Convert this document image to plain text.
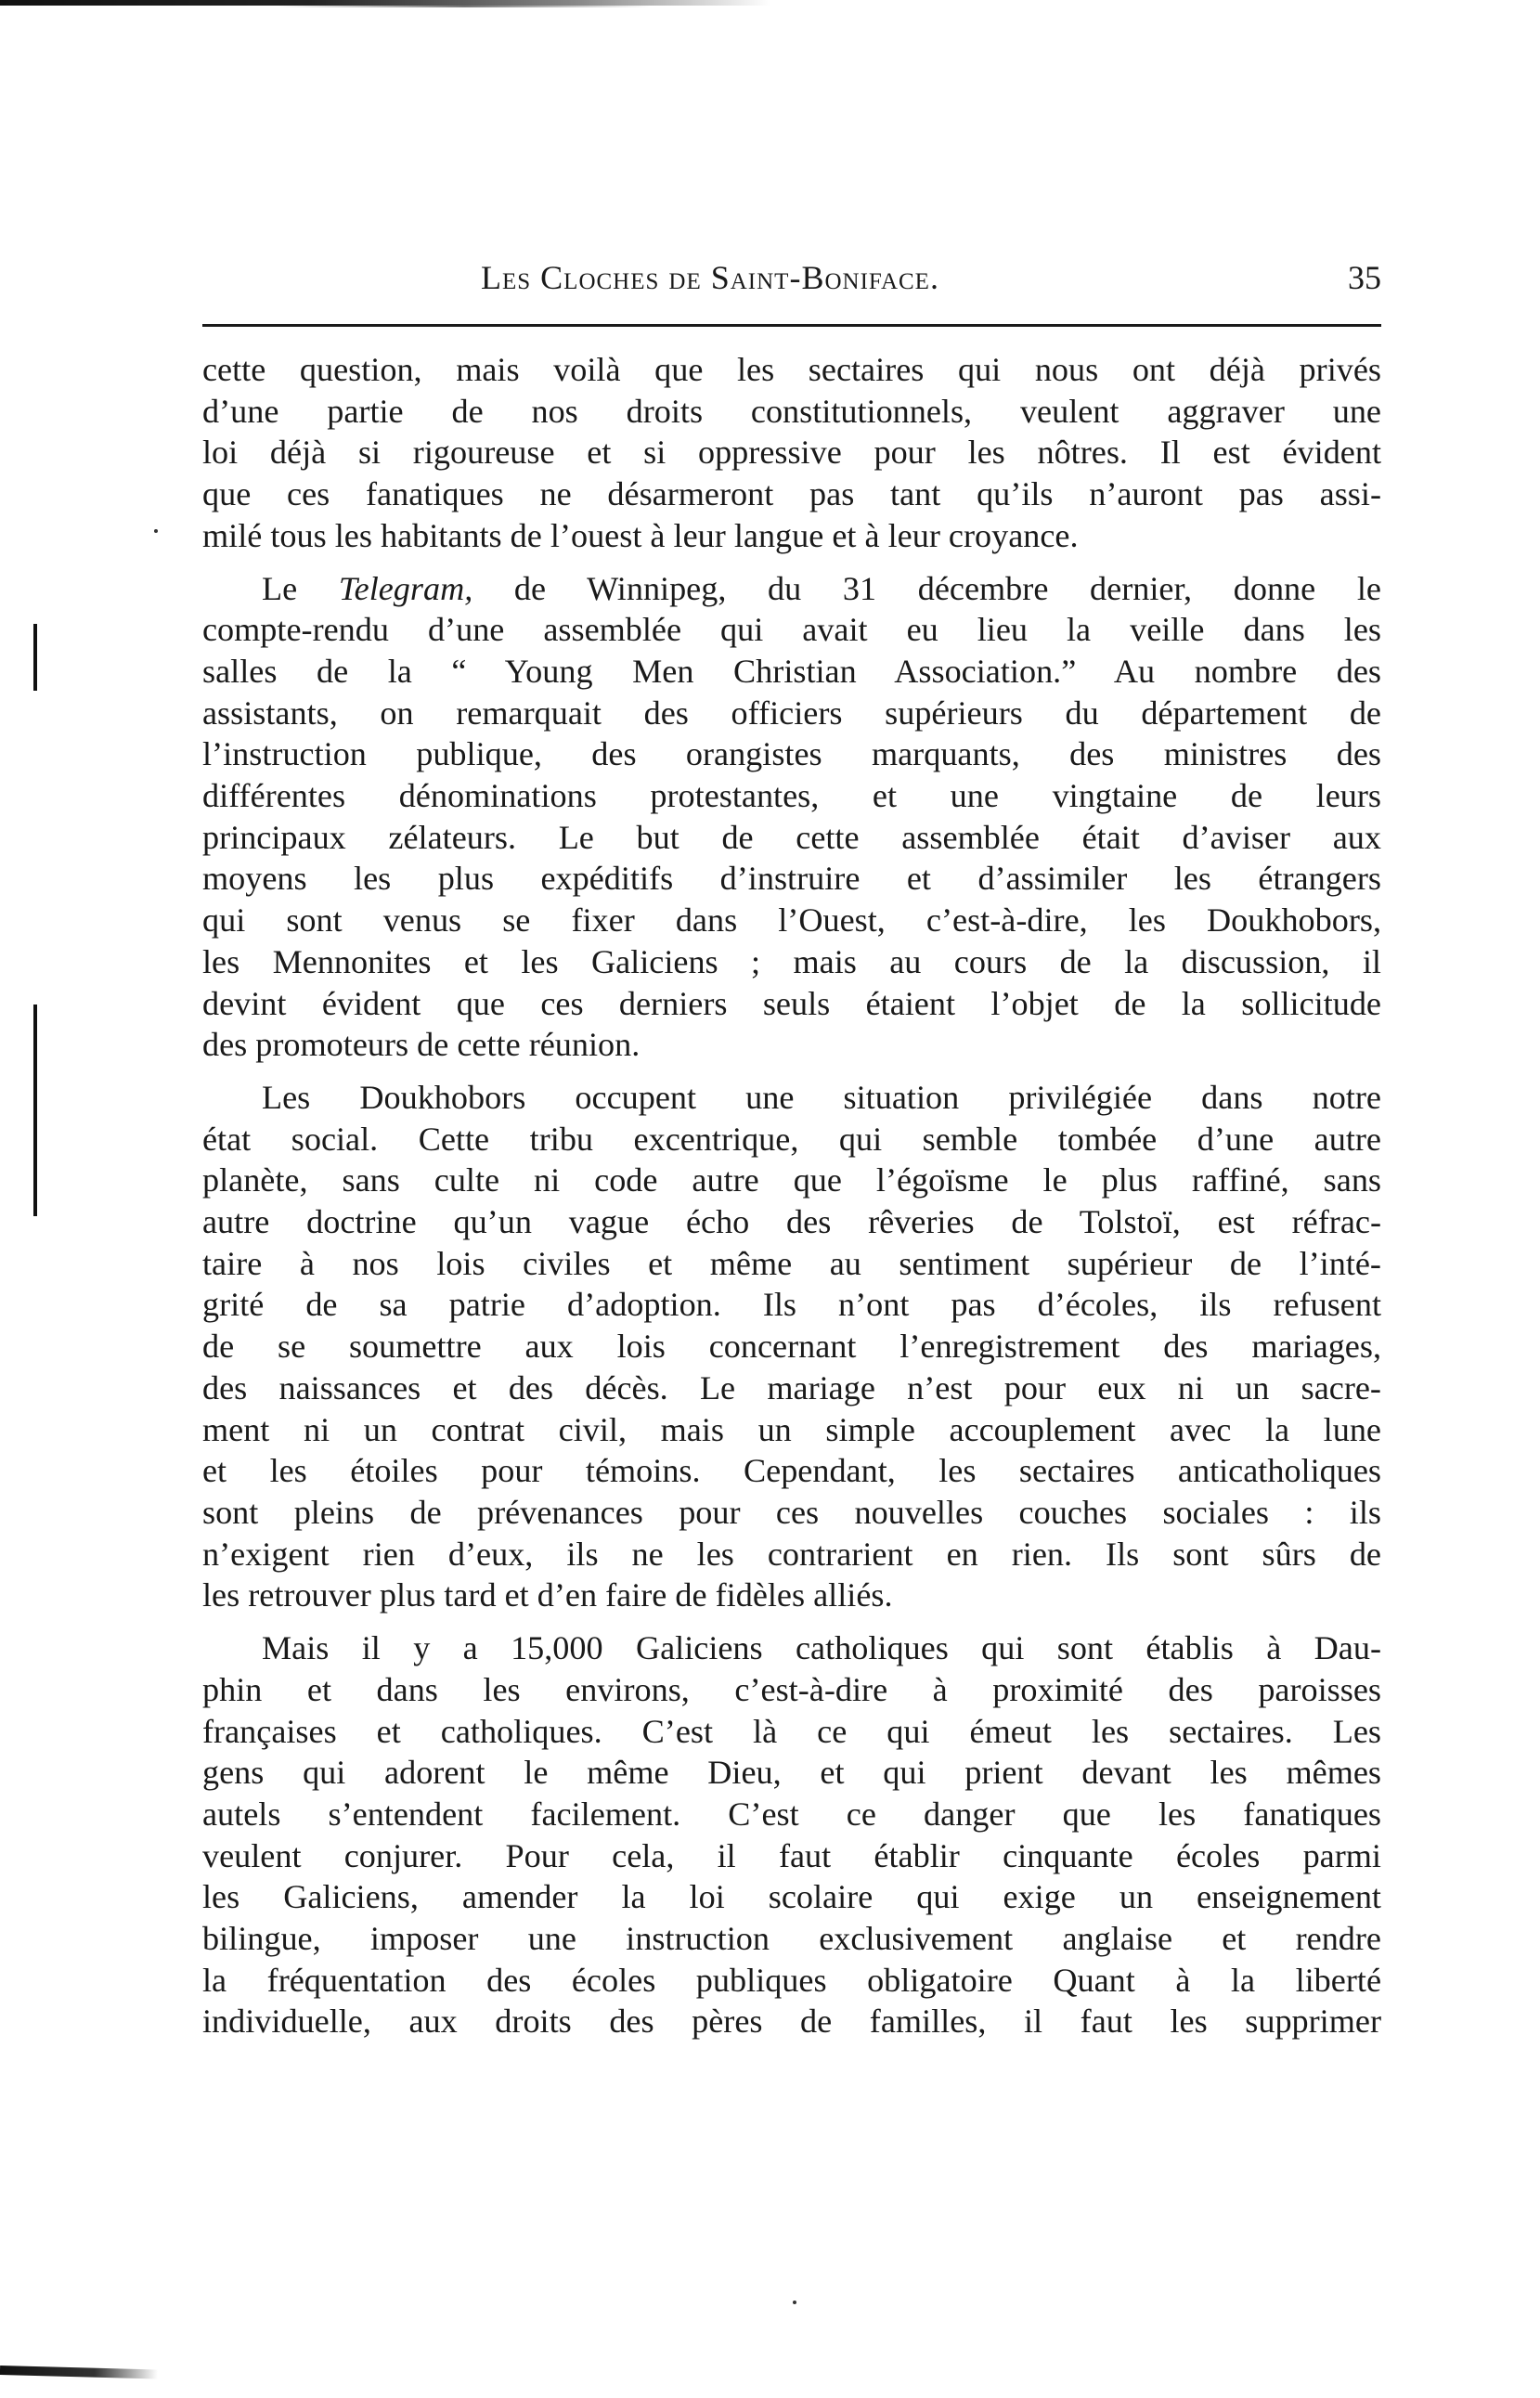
Les Cloches de Saint-Boniface.	35
cette question, mais voilà que les sectaires qui nous ont déjà privés
d’une partie de nos droits constitutionnels, veulent aggraver une
loi déjà si rigoureuse et si oppressive pour les nôtres. Il est évident
que ces fanatiques ne désarmeront pas tant qu’ils n’auront pas assi-
milé tous les habitants de l’ouest à leur langue et à leur croyance.
Le Telegram, de Winnipeg, du 31 décembre dernier, donne le
compte-rendu d’une assemblée qui avait eu lieu la veille dans les
salles de la “ Young Men Christian Association.” Au nombre des
assistants, on remarquait des officiers supérieurs du département de
l’instruction publique, des orangistes marquants, des ministres des
différentes dénominations protestantes, et une vingtaine de leurs
principaux zélateurs. Le but de cette assemblée était d’aviser aux
moyens les plus expéditifs d’instruire et d’assimiler les étrangers
qui sont venus se fixer dans l’Ouest, c’est-à-dire, les Doukhobors,
les Mennonites et les Galiciens ; mais au cours de la discussion, il
devint évident que ces derniers seuls étaient l’objet de la sollicitude
des promoteurs de cette réunion.
Les Doukhobors occupent une situation privilégiée dans notre
état social. Cette tribu excentrique, qui semble tombée d’une autre
planète, sans culte ni code autre que l’égoïsme le plus raffiné, sans
autre doctrine qu’un vague écho des rêveries de Tolstoï, est réfrac-
taire à nos lois civiles et même au sentiment supérieur de l’inté-
grité de sa patrie d’adoption. Ils n’ont pas d’écoles, ils refusent
de se soumettre aux lois concernant l’enregistrement des mariages,
des naissances et des décès. Le mariage n’est pour eux ni un sacre-
ment ni un contrat civil, mais un simple accouplement avec la lune
et les étoiles pour témoins. Cependant, les sectaires anticatholiques
sont pleins de prévenances pour ces nouvelles couches sociales : ils
n’exigent rien d’eux, ils ne les contrarient en rien. Ils sont sûrs de
les retrouver plus tard et d’en faire de fidèles alliés.
Mais il y a 15,000 Galiciens catholiques qui sont établis à Dau-
phin et dans les environs, c’est-à-dire à proximité des paroisses
françaises et catholiques. C’est là ce qui émeut les sectaires. Les
gens qui adorent le même Dieu, et qui prient devant les mêmes
autels s’entendent facilement. C’est ce danger que les fanatiques
veulent conjurer. Pour cela, il faut établir cinquante écoles parmi
les Galiciens, amender la loi scolaire qui exige un enseignement
bilingue, imposer une instruction exclusivement anglaise et rendre
la fréquentation des écoles publiques obligatoire Quant à la liberté
individuelle, aux droits des pères de familles, il faut les supprimer
